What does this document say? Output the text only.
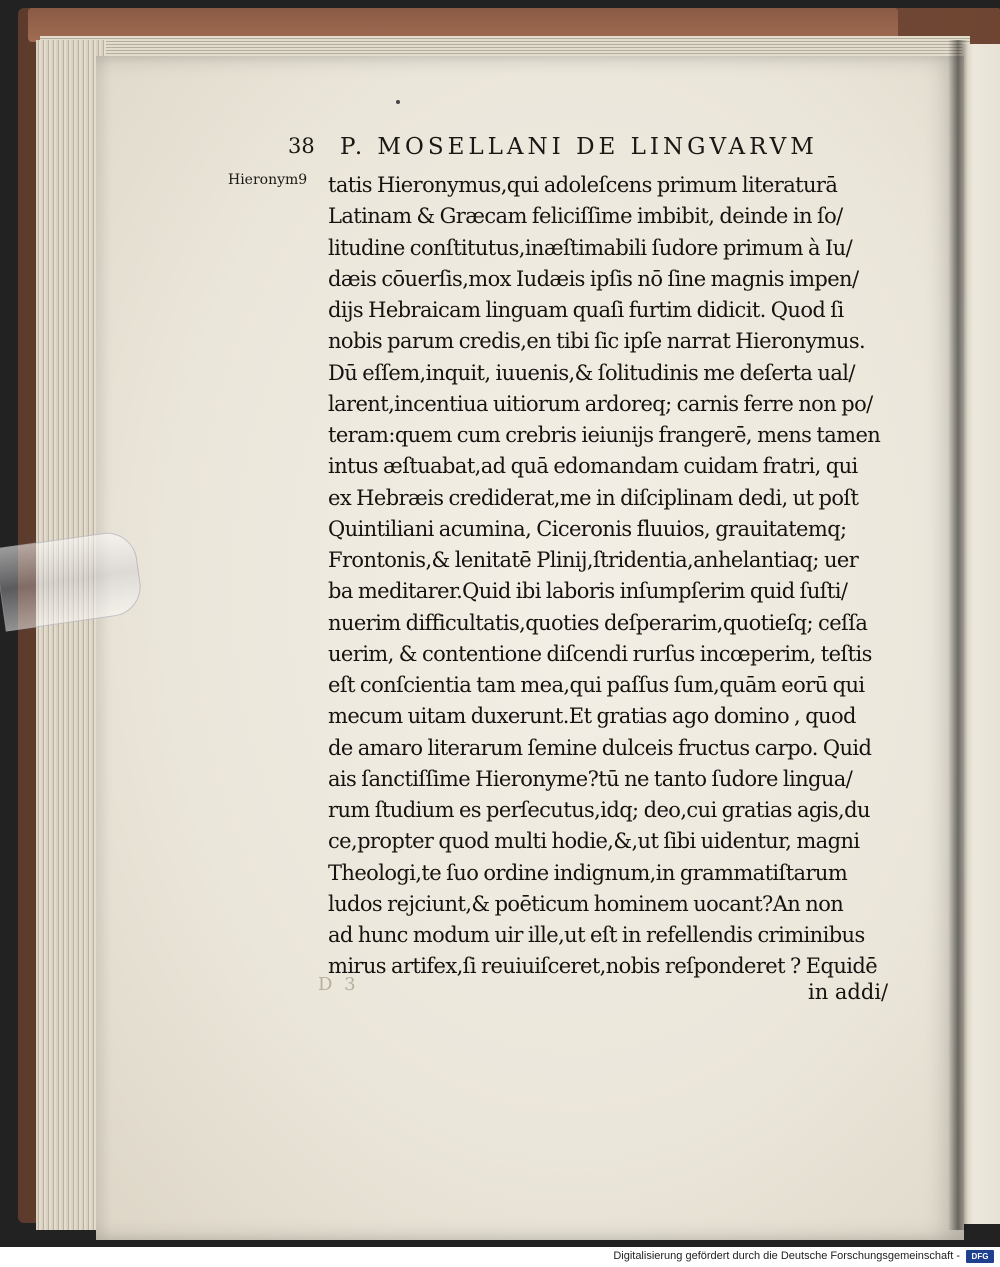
38 P. MOSELLANI DE LINGVARVM
Hieronym9 tatis Hieronymus,qui adoleſcens primum literaturā
Latinam & Græcam feliciſſime imbibit, deinde in ſo/
litudine conſtitutus,inæſtimabili ſudore primum à Iu/
dæis cōuerſis,mox Iudæis ipſis nō ſine magnis impen/
dijs Hebraicam linguam quaſi furtim didicit. Quod ſi
nobis parum credis,en tibi ſic ipſe narrat Hieronymus.
Dū eſſem,inquit, iuuenis,& ſolitudinis me deſerta ual/
larent,incentiua uitiorum ardoreq; carnis ferre non po/
teram:quem cum crebris ieiunijs frangerē, mens tamen
intus æſtuabat,ad quā edomandam cuidam fratri, qui
ex Hebræis crediderat,me in diſciplinam dedi, ut poſt
Quintiliani acumina, Ciceronis fluuios, grauitatemq;
Frontonis,& lenitatē Plinij,ſtridentia,anhelantiaq; uer
ba meditarer.Quid ibi laboris inſumpſerim quid ſuſti/
nuerim difficultatis,quoties deſperarim,quotieſq; ceſſa
uerim, & contentione diſcendi rurſus incœperim, teſtis
eſt conſcientia tam mea,qui paſſus ſum,quām eorū qui
mecum uitam duxerunt.Et gratias ago domino , quod
de amaro literarum ſemine dulceis fructus carpo. Quid
ais ſanctiſſime Hieronyme?tū ne tanto ſudore lingua/
rum ſtudium es perſecutus,idq; deo,cui gratias agis,du
ce,propter quod multi hodie,&,ut ſibi uidentur, magni
Theologi,te ſuo ordine indignum,in grammatiſtarum
ludos rejciunt,& poēticum hominem uocant?An non
ad hunc modum uir ille,ut eſt in refellendis criminibus
mirus artifex,ſi reuiuiſceret,nobis reſponderet ? Equidē
D 3	in addi/
Digitalisierung gefördert durch die Deutsche Forschungsgemeinschaft -	DFG
